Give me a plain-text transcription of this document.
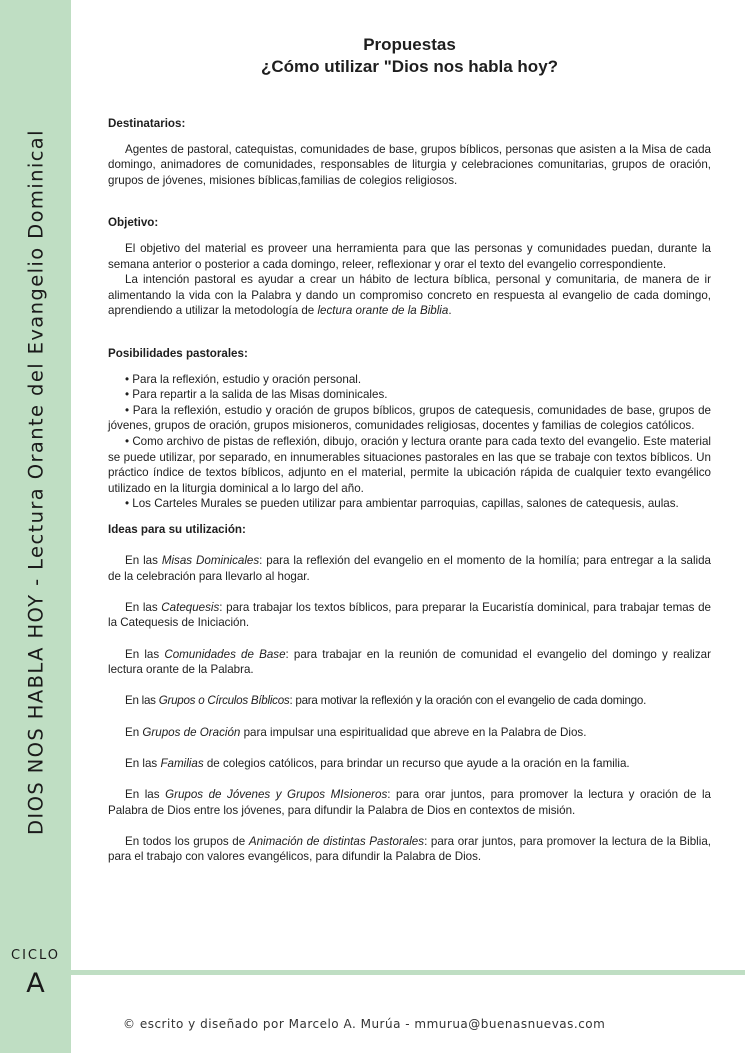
DIOS NOS HABLA HOY - Lectura Orante del Evangelio Dominical
CICLO
A
Propuestas
¿Cómo utilizar "Dios nos habla hoy?
Destinatarios:

Agentes de pastoral, catequistas, comunidades de base, grupos bíblicos, personas que asisten a la Misa de cada domingo, animadores de comunidades, responsables de liturgia y celebraciones comunitarias, grupos de oración, grupos de jóvenes, misiones bíblicas,familias de colegios religiosos.

Objetivo:

El objetivo del material es proveer una herramienta para que las personas y comunidades puedan, durante la semana anterior o posterior a cada domingo, releer, reflexionar y orar el texto del evangelio correspondiente.

La intención pastoral es ayudar a crear un hábito de lectura bíblica, personal y comunitaria, de manera de ir alimentando la vida con la Palabra y dando un compromiso concreto en respuesta al evangelio de cada domingo, aprendiendo a utilizar la metodología de lectura orante de la Biblia.

Posibilidades pastorales:
• Para la reflexión, estudio y oración personal.
• Para repartir a la salida de las Misas dominicales.
• Para la reflexión, estudio y oración de grupos bíblicos, grupos de catequesis, comunidades de base, grupos de jóvenes, grupos de oración, grupos misioneros, comunidades religiosas, docentes y familias de colegios católicos.
• Como archivo de pistas de reflexión, dibujo, oración y lectura orante para cada texto del evangelio. Este material se puede utilizar, por separado, en innumerables situaciones pastorales en las que se trabaje con textos bíblicos. Un práctico índice de textos bíblicos, adjunto en el material, permite la ubicación rápida de cualquier texto evangélico utilizado en la liturgia dominical a lo largo del año.
• Los Carteles Murales se pueden utilizar para ambientar parroquias, capillas, salones de catequesis, aulas.
Ideas para su utilización:

En las Misas Dominicales: para la reflexión del evangelio en el momento de la homilía; para entregar a la salida de la celebración para llevarlo al hogar.

En las Catequesis: para trabajar los textos bíblicos, para preparar la Eucaristía dominical, para trabajar temas de la Catequesis de Iniciación.

En las Comunidades de Base: para trabajar en la reunión de comunidad el evangelio del domingo y realizar lectura orante de la Palabra.

En las Grupos o Círculos Bíblicos: para motivar la reflexión y la oración con el evangelio de cada domingo.

En Grupos de Oración para impulsar una espiritualidad que abreve en la Palabra de Dios.

En las Familias de colegios católicos, para brindar un recurso que ayude a la oración en la familia.

En las Grupos de Jóvenes y Grupos MIsioneros: para orar juntos, para promover la lectura y oración de la Palabra de Dios entre los jóvenes, para difundir la Palabra de Dios en contextos de misión.

En todos los grupos de Animación de distintas Pastorales: para orar juntos, para promover la lectura de la Biblia, para el trabajo con valores evangélicos, para difundir la Palabra de Dios.

© escrito y diseñado por Marcelo A. Murúa - mmurua@buenasnuevas.com
